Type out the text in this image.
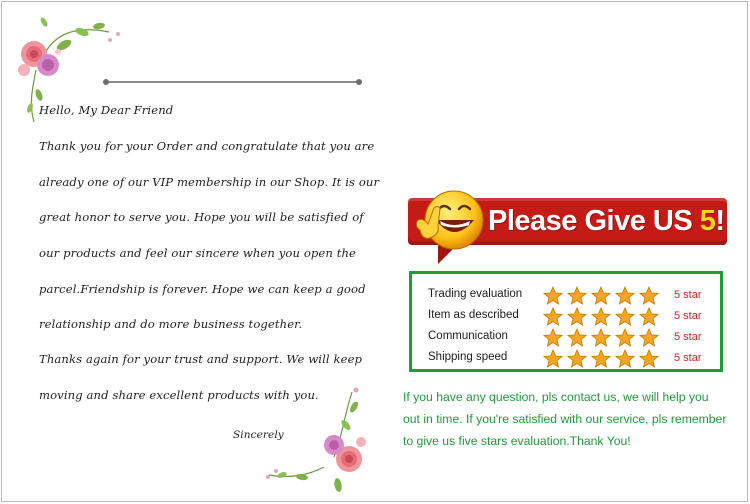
Hello, My Dear Friend

Thank you for your Order and congratulate that you are

already one of our VIP membership in our Shop. It is our

great honor to serve you. Hope you will be satisfied of

our products and feel our sincere when you open the

parcel.Friendship is forever. Hope we can keep a good

relationship and do more business together.

Thanks again for your trust and support. We will keep

moving and share excellent products with you.

Sincerely

Please Give US 5!
Trading evaluation	5 star
Item as described	5 star
Communication	5 star
Shipping speed	5 star

If you have any question, pls contact us, we will help you

out in time. If you're satisfied with our service, pls remember

to give us five stars evaluation.Thank You!
